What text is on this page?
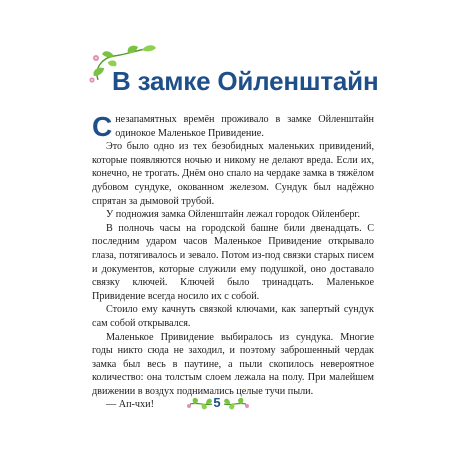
В замке Ойленштайн

Снезапамятных времён проживало в замке Ойленштайн одинокое Маленькое Привидение.

Это было одно из тех безобидных маленьких привидений, которые появляются ночью и никому не делают вреда. Если их, конечно, не трогать. Днём оно спало на чердаке замка в тяжёлом дубовом сундуке, окованном железом. Сундук был надёжно спрятан за дымовой трубой.

У подножия замка Ойленштайн лежал городок Ойленберг.

В полночь часы на городской башне били двенадцать. С последним ударом часов Маленькое Привидение открывало глаза, потягивалось и зевало. Потом из-под связки старых писем и документов, которые служили ему подушкой, оно доставало связку ключей. Ключей было тринадцать. Маленькое Привидение всегда носило их с собой.

Стоило ему качнуть связкой ключами, как запертый сундук сам собой открывался.

Маленькое Привидение выбиралось из сундука. Многие годы никто сюда не заходил, и поэтому заброшенный чердак замка был весь в паутине, а пыли скопилось невероятное количество: она толстым слоем лежала на полу. При малейшем движении в воздух поднимались целые тучи пыли.

— Ап-чхи!	5
